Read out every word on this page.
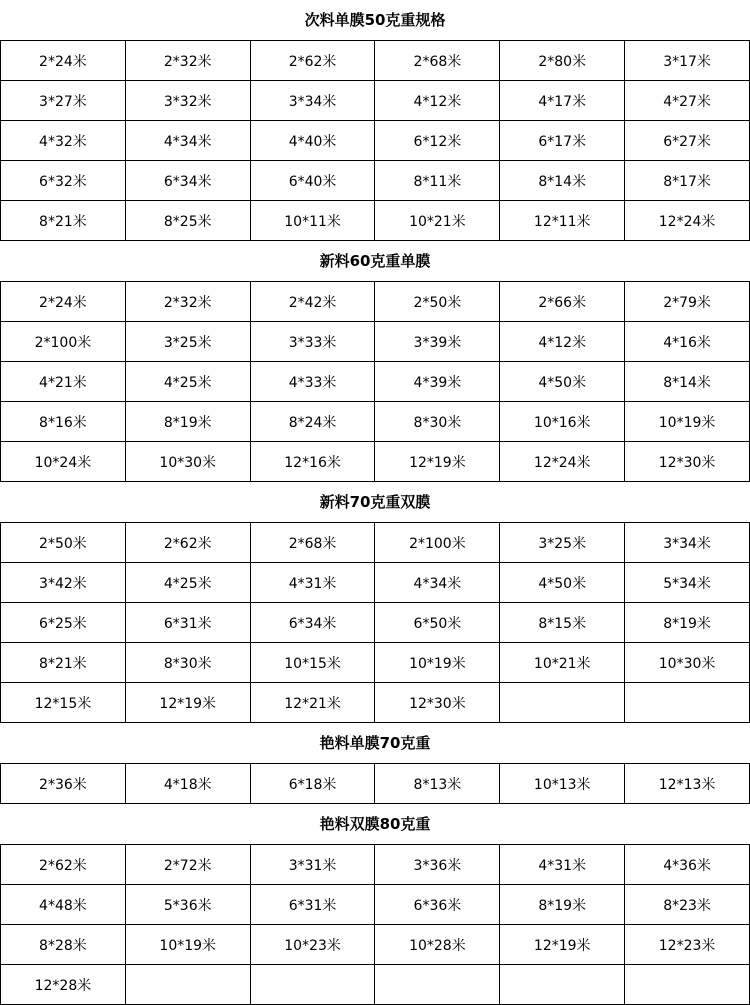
次料单膜50克重规格
2*24米	2*32米	2*62米	2*68米	2*80米	3*17米
3*27米	3*32米	3*34米	4*12米	4*17米	4*27米
4*32米	4*34米	4*40米	6*12米	6*17米	6*27米
6*32米	6*34米	6*40米	8*11米	8*14米	8*17米
8*21米	8*25米	10*11米	10*21米	12*11米	12*24米
新料60克重单膜
2*24米	2*32米	2*42米	2*50米	2*66米	2*79米
2*100米	3*25米	3*33米	3*39米	4*12米	4*16米
4*21米	4*25米	4*33米	4*39米	4*50米	8*14米
8*16米	8*19米	8*24米	8*30米	10*16米	10*19米
10*24米	10*30米	12*16米	12*19米	12*24米	12*30米
新料70克重双膜
2*50米	2*62米	2*68米	2*100米	3*25米	3*34米
3*42米	4*25米	4*31米	4*34米	4*50米	5*34米
6*25米	6*31米	6*34米	6*50米	8*15米	8*19米
8*21米	8*30米	10*15米	10*19米	10*21米	10*30米
12*15米	12*19米	12*21米	12*30米		
艳料单膜70克重
2*36米	4*18米	6*18米	8*13米	10*13米	12*13米
艳料双膜80克重
2*62米	2*72米	3*31米	3*36米	4*31米	4*36米
4*48米	5*36米	6*31米	6*36米	8*19米	8*23米
8*28米	10*19米	10*23米	10*28米	12*19米	12*23米
12*28米					
